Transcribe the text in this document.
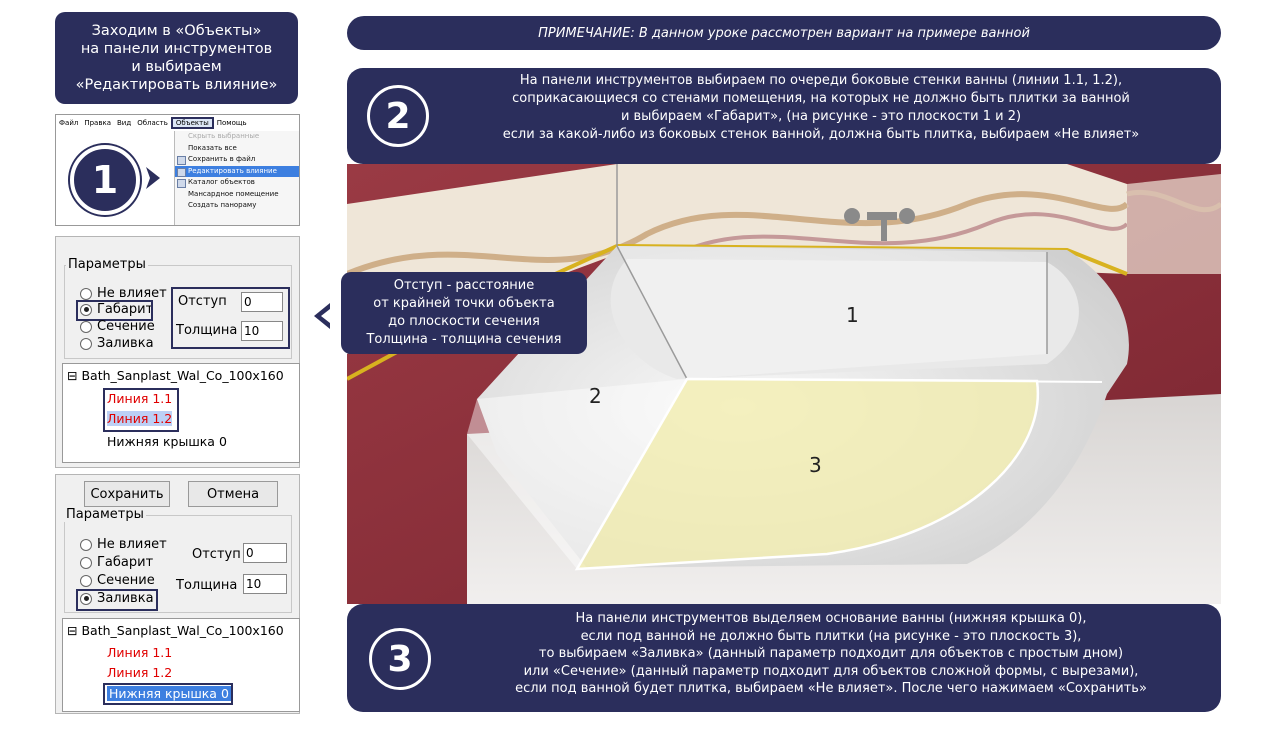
Заходим в «Объекты»
на панели инструментов
и выбираем
«Редактировать влияние»
ПРИМЕЧАНИЕ: В данном уроке рассмотрен вариант на примере ванной
2
На панели инструментов выбираем по очереди боковые стенки ванны (линии 1.1, 1.2),
соприкасающиеся со стенами помещения, на которых не должно быть плитки за ванной
и выбираем «Габарит», (на рисунке - это плоскости 1 и 2)
если за какой-либо из боковых стенок ванной, должна быть плитка, выбираем «Не влияет»
1
2
3
Отступ - расстояние
от крайней точки объекта
до плоскости сечения
Толщина - толщина сечения
3
На панели инструментов выделяем основание ванны (нижняя крышка 0),
если под ванной не должно быть плитки (на рисунке - это плоскость 3),
то выбираем «Заливка» (данный параметр подходит для объектов с простым дном)
или «Сечение» (данный параметр подходит для объектов сложной формы, с вырезами),
если под ванной будет плитка, выбираем «Не влияет». После чего нажимаем «Сохранить»
Файл Правка Вид Область	Объекты	Помощь
1
Скрыть выбранные
Показать все
Сохранить в файл
Редактировать влияние
Каталог объектов
Мансардное помещение
Создать панораму
Параметры
Не влияет
Габарит
Сечение
Заливка
Отступ 0
Толщина 10
⊟ Bath_Sanplast_Wal_Co_100x160
Линия 1.1
Линия 1.2
Нижняя крышка 0
Сохранить	Отмена
Параметры
Не влияет
Габарит
Сечение
Заливка
Отступ 0
Толщина 10
⊟ Bath_Sanplast_Wal_Co_100x160
Линия 1.1
Линия 1.2
Нижняя крышка 0
